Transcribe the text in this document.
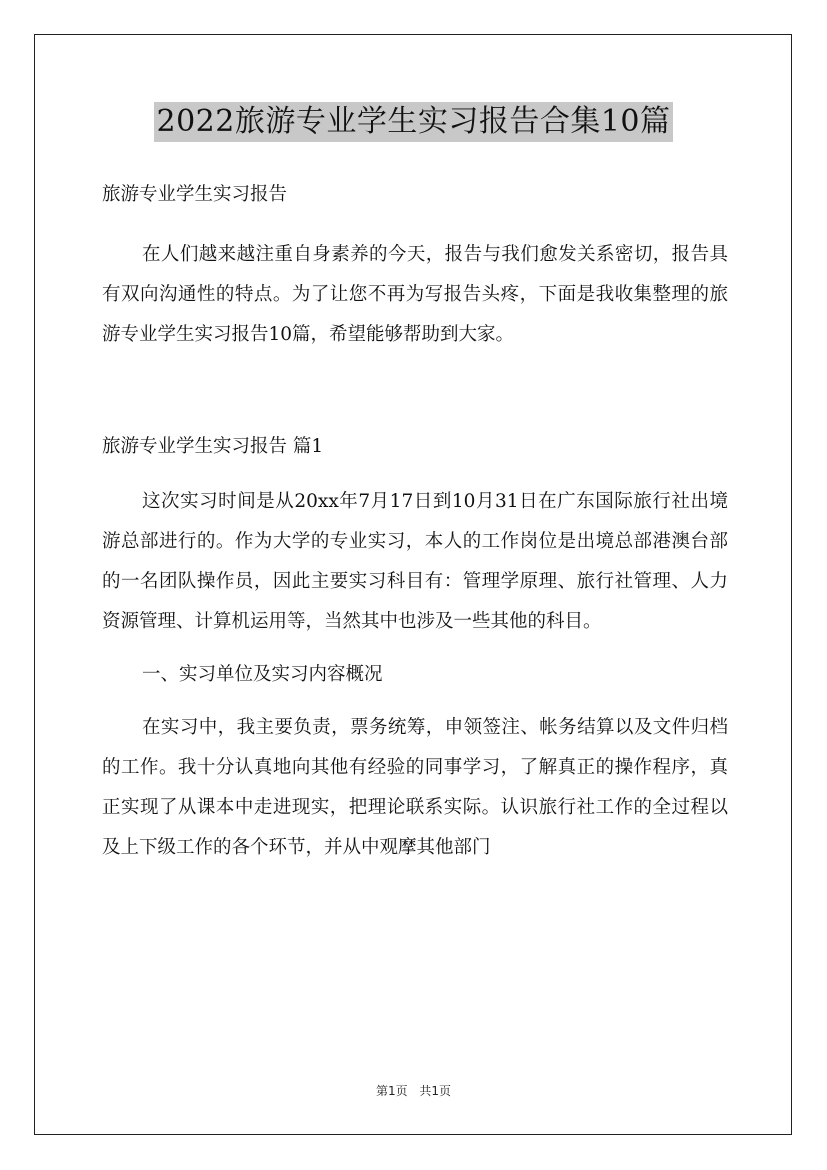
2022旅游专业学生实习报告合集10篇

旅游专业学生实习报告

在人们越来越注重自身素养的今天，报告与我们愈发关系密切，报告具有双向沟通性的特点。为了让您不再为写报告头疼，下面是我收集整理的旅游专业学生实习报告10篇，希望能够帮助到大家。

旅游专业学生实习报告 篇1

这次实习时间是从20xx年7月17日到10月31日在广东国际旅行社出境游总部进行的。作为大学的专业实习，本人的工作岗位是出境总部港澳台部的一名团队操作员，因此主要实习科目有：管理学原理、旅行社管理、人力资源管理、计算机运用等，当然其中也涉及一些其他的科目。

一、实习单位及实习内容概况

在实习中，我主要负责，票务统筹，申领签注、帐务结算以及文件归档的工作。我十分认真地向其他有经验的同事学习，了解真正的操作程序，真正实现了从课本中走进现实，把理论联系实际。认识旅行社工作的全过程以及上下级工作的各个环节，并从中观摩其他部门

第1页 共1页
